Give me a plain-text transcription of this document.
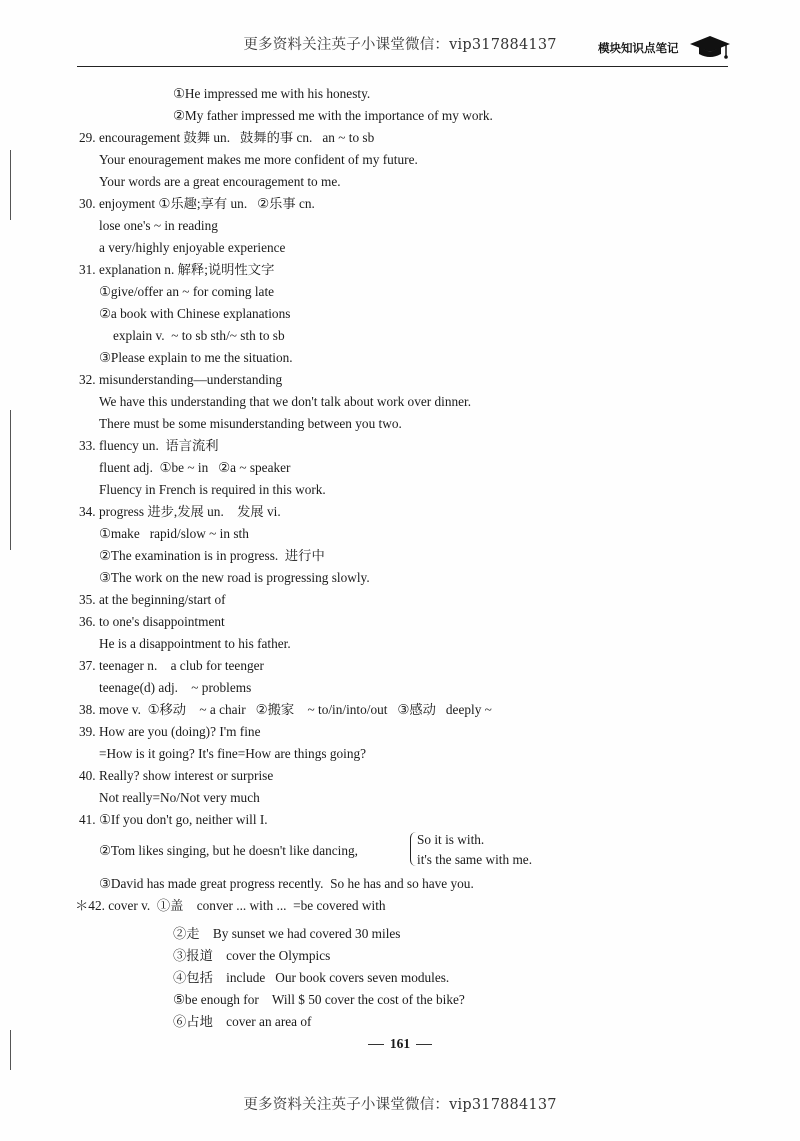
更多资料关注英子小课堂微信：vip317884137	模块知识点笔记
①He impressed me with his honesty.
②My father impressed me with the importance of my work.
29. encouragement 鼓舞 un.   鼓舞的事 cn.   an ~ to sb
Your enouragement makes me more confident of my future.
Your words are a great encouragement to me.
30. enjoyment ①乐趣;享有 un.   ②乐事 cn.
lose one's ~ in reading
a very/highly enjoyable experience
31. explanation n. 解释;说明性文字
①give/offer an ~ for coming late
②a book with Chinese explanations
explain v.  ~ to sb sth/~ sth to sb
③Please explain to me the situation.
32. misunderstanding—understanding
We have this understanding that we don't talk about work over dinner.
There must be some misunderstanding between you two.
33. fluency un.  语言流利
fluent adj.  ①be ~ in   ②a ~ speaker
Fluency in French is required in this work.
34. progress 进步,发展 un.    发展 vi.
①make   rapid/slow ~ in sth
②The examination is in progress.  进行中
③The work on the new road is progressing slowly.
35. at the beginning/start of
36. to one's disappointment
He is a disappointment to his father.
37. teenager n.    a club for teenger
teenage(d) adj.    ~ problems
38. move v.  ①移动    ~ a chair   ②搬家    ~ to/in/into/out   ③感动   deeply ~
39. How are you (doing)? I'm fine
=How is it going? It's fine=How are things going?
40. Really? show interest or surprise
Not really=No/Not very much
41. ①If you don't go, neither will I.
②Tom likes singing, but he doesn't like dancing,
So it is with.
it's the same with me.
③David has made great progress recently.  So he has and so have you.
＊42. cover v.  ①盖    conver ... with ...  =be covered with
②走    By sunset we had covered 30 miles
③报道    cover the Olympics
④包括    include   Our book covers seven modules.
⑤be enough for    Will $ 50 cover the cost of the bike?
⑥占地    cover an area of
161
更多资料关注英子小课堂微信：vip317884137
